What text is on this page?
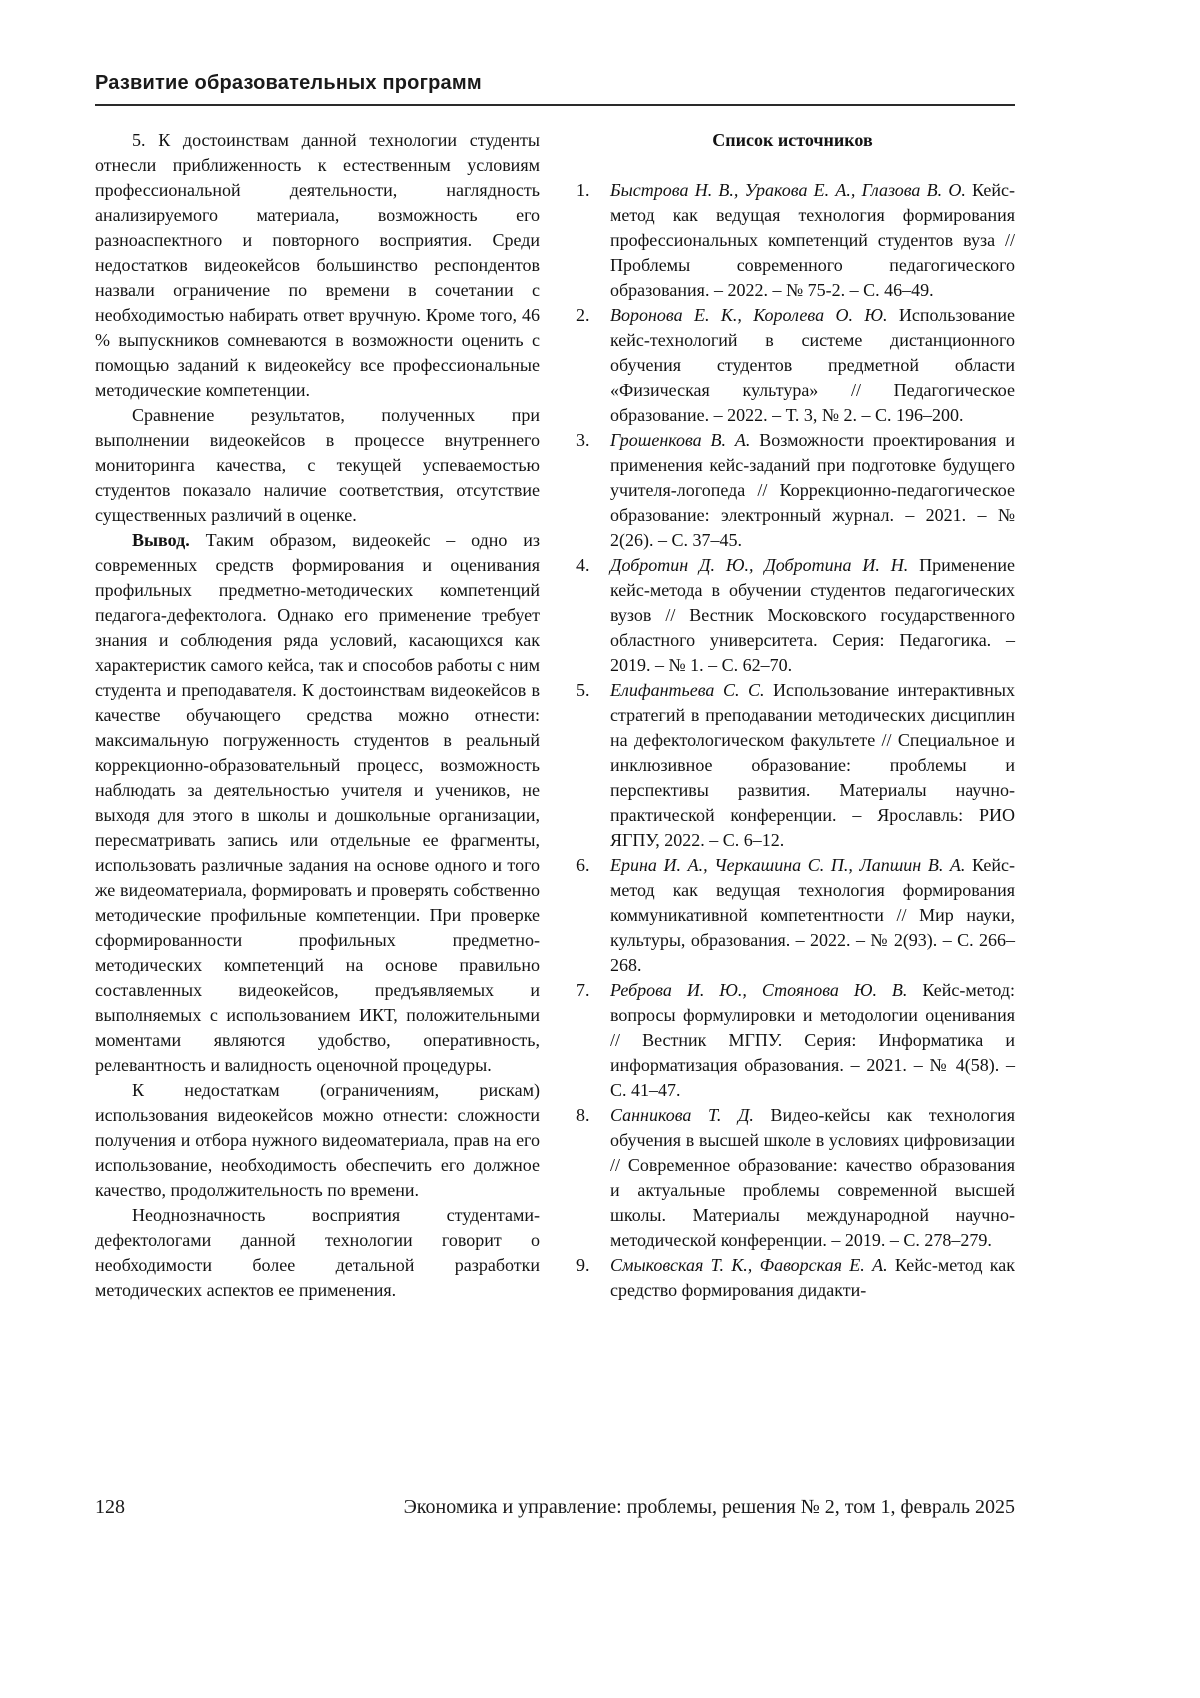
Развитие образовательных программ

5. К достоинствам данной технологии студенты отнесли приближенность к естественным условиям профессиональной деятельности, наглядность анализируемого материала, возможность его разноаспектного и повторного восприятия. Среди недостатков видеокейсов большинство респондентов назвали ограничение по времени в сочетании с необходимостью набирать ответ вручную. Кроме того, 46 % выпускников сомневаются в возможности оценить с помощью заданий к видеокейсу все профессиональные методические компетенции.

Сравнение результатов, полученных при выполнении видеокейсов в процессе внутреннего мониторинга качества, с текущей успеваемостью студентов показало наличие соответствия, отсутствие существенных различий в оценке.

Вывод. Таким образом, видеокейс – одно из современных средств формирования и оценивания профильных предметно-методических компетенций педагога-дефектолога. Однако его применение требует знания и соблюдения ряда условий, касающихся как характеристик самого кейса, так и способов работы с ним студента и преподавателя. К достоинствам видеокейсов в качестве обучающего средства можно отнести: максимальную погруженность студентов в реальный коррекционно-образовательный процесс, возможность наблюдать за деятельностью учителя и учеников, не выходя для этого в школы и дошкольные организации, пересматривать запись или отдельные ее фрагменты, использовать различные задания на основе одного и того же видеоматериала, формировать и проверять собственно методические профильные компетенции. При проверке сформированности профильных предметно-методических компетенций на основе правильно составленных видеокейсов, предъявляемых и выполняемых с использованием ИКТ, положительными моментами являются удобство, оперативность, релевантность и валидность оценочной процедуры.

К недостаткам (ограничениям, рискам) использования видеокейсов можно отнести: сложности получения и отбора нужного видеоматериала, прав на его использование, необходимость обеспечить его должное качество, продолжительность по времени.

Неоднозначность восприятия студентами-дефектологами данной технологии говорит о необходимости более детальной разработки методических аспектов ее применения.

Список источников
1. Быстрова Н. В., Уракова Е. А., Глазова В. О. Кейс-метод как ведущая технология формирования профессиональных компетенций студентов вуза // Проблемы современного педагогического образования. – 2022. – № 75-2. – С. 46–49.
2. Воронова Е. К., Королева О. Ю. Использование кейс-технологий в системе дистанционного обучения студентов предметной области «Физическая культура» // Педагогическое образование. – 2022. – Т. 3, № 2. – С. 196–200.
3. Грошенкова В. А. Возможности проектирования и применения кейс-заданий при подготовке будущего учителя-логопеда // Коррекционно-педагогическое образование: электронный журнал. – 2021. – № 2(26). – С. 37–45.
4. Добротин Д. Ю., Добротина И. Н. Применение кейс-метода в обучении студентов педагогических вузов // Вестник Московского государственного областного университета. Серия: Педагогика. – 2019. – № 1. – С. 62–70.
5. Елифантьева С. С. Использование интерактивных стратегий в преподавании методических дисциплин на дефектологическом факультете // Специальное и инклюзивное образование: проблемы и перспективы развития. Материалы научно-практической конференции. – Ярославль: РИО ЯГПУ, 2022. – С. 6–12.
6. Ерина И. А., Черкашина С. П., Лапшин В. А. Кейс-метод как ведущая технология формирования коммуникативной компетентности // Мир науки, культуры, образования. – 2022. – № 2(93). – С. 266–268.
7. Реброва И. Ю., Стоянова Ю. В. Кейс-метод: вопросы формулировки и методологии оценивания // Вестник МГПУ. Серия: Информатика и информатизация образования. – 2021. – № 4(58). – С. 41–47.
8. Санникова Т. Д. Видео-кейсы как технология обучения в высшей школе в условиях цифровизации // Современное образование: качество образования и актуальные проблемы современной высшей школы. Материалы международной научно-методической конференции. – 2019. – С. 278–279.
9. Смыковская Т. К., Фаворская Е. А. Кейс-метод как средство формирования дидакти-
128	Экономика и управление: проблемы, решения № 2, том 1, февраль 2025
